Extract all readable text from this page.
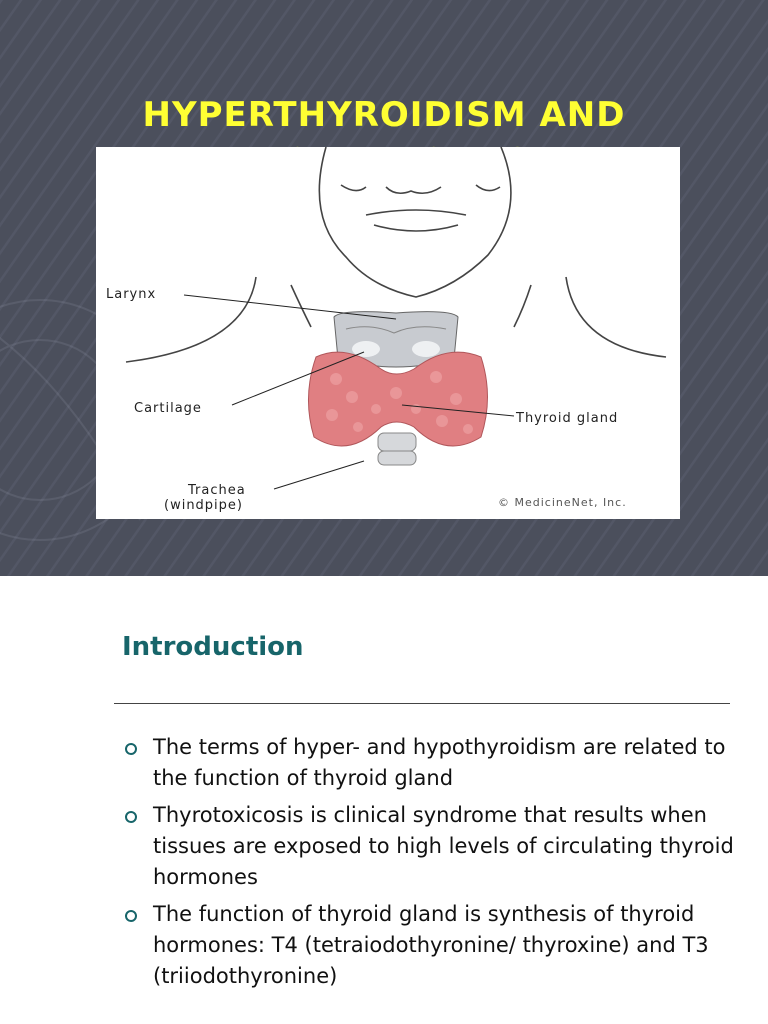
HYPERTHYROIDISM AND

Larynx
Cartilage
Thyroid gland
Trachea
(windpipe)	© MedicineNet, Inc.
Introduction
The terms of hyper- and hypothyroidism are related to the function of thyroid gland
Thyrotoxicosis is clinical syndrome that results when tissues are exposed to high levels of circulating thyroid hormones
The function of thyroid gland is synthesis of thyroid hormones: T4 (tetraiodothyronine/ thyroxine) and T3 (triiodothyronine)
